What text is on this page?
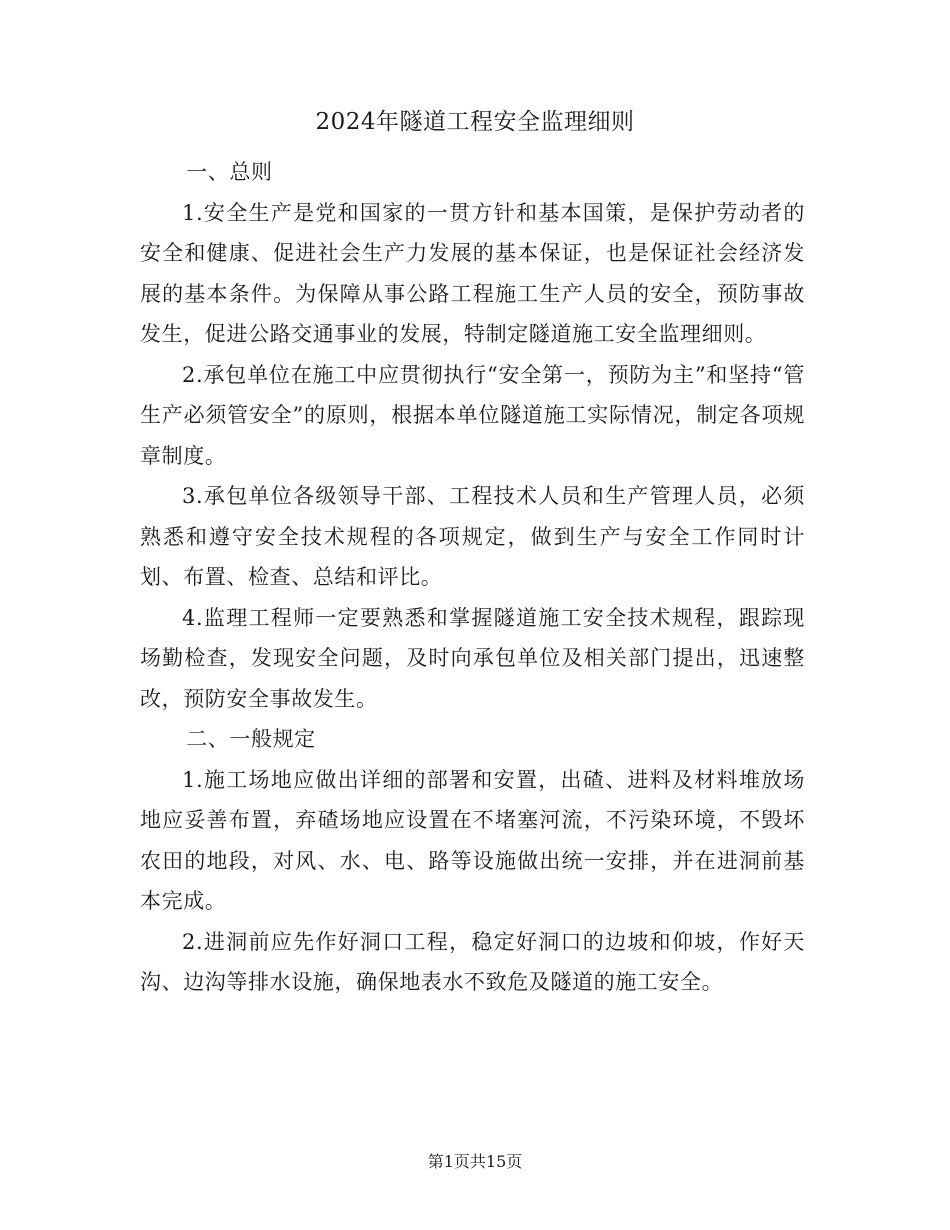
2024年隧道工程安全监理细则

一、总则

1.安全生产是党和国家的一贯方针和基本国策，是保护劳动者的安全和健康、促进社会生产力发展的基本保证，也是保证社会经济发展的基本条件。为保障从事公路工程施工生产人员的安全，预防事故发生，促进公路交通事业的发展，特制定隧道施工安全监理细则。

2.承包单位在施工中应贯彻执行“安全第一，预防为主”和坚持“管生产必须管安全”的原则，根据本单位隧道施工实际情况，制定各项规章制度。

3.承包单位各级领导干部、工程技术人员和生产管理人员，必须熟悉和遵守安全技术规程的各项规定，做到生产与安全工作同时计划、布置、检查、总结和评比。

4.监理工程师一定要熟悉和掌握隧道施工安全技术规程，跟踪现场勤检查，发现安全问题，及时向承包单位及相关部门提出，迅速整改，预防安全事故发生。

二、一般规定

1.施工场地应做出详细的部署和安置，出碴、进料及材料堆放场地应妥善布置，弃碴场地应设置在不堵塞河流，不污染环境，不毁坏农田的地段，对风、水、电、路等设施做出统一安排，并在进洞前基本完成。

2.进洞前应先作好洞口工程，稳定好洞口的边坡和仰坡，作好天沟、边沟等排水设施，确保地表水不致危及隧道的施工安全。

第1页共15页
